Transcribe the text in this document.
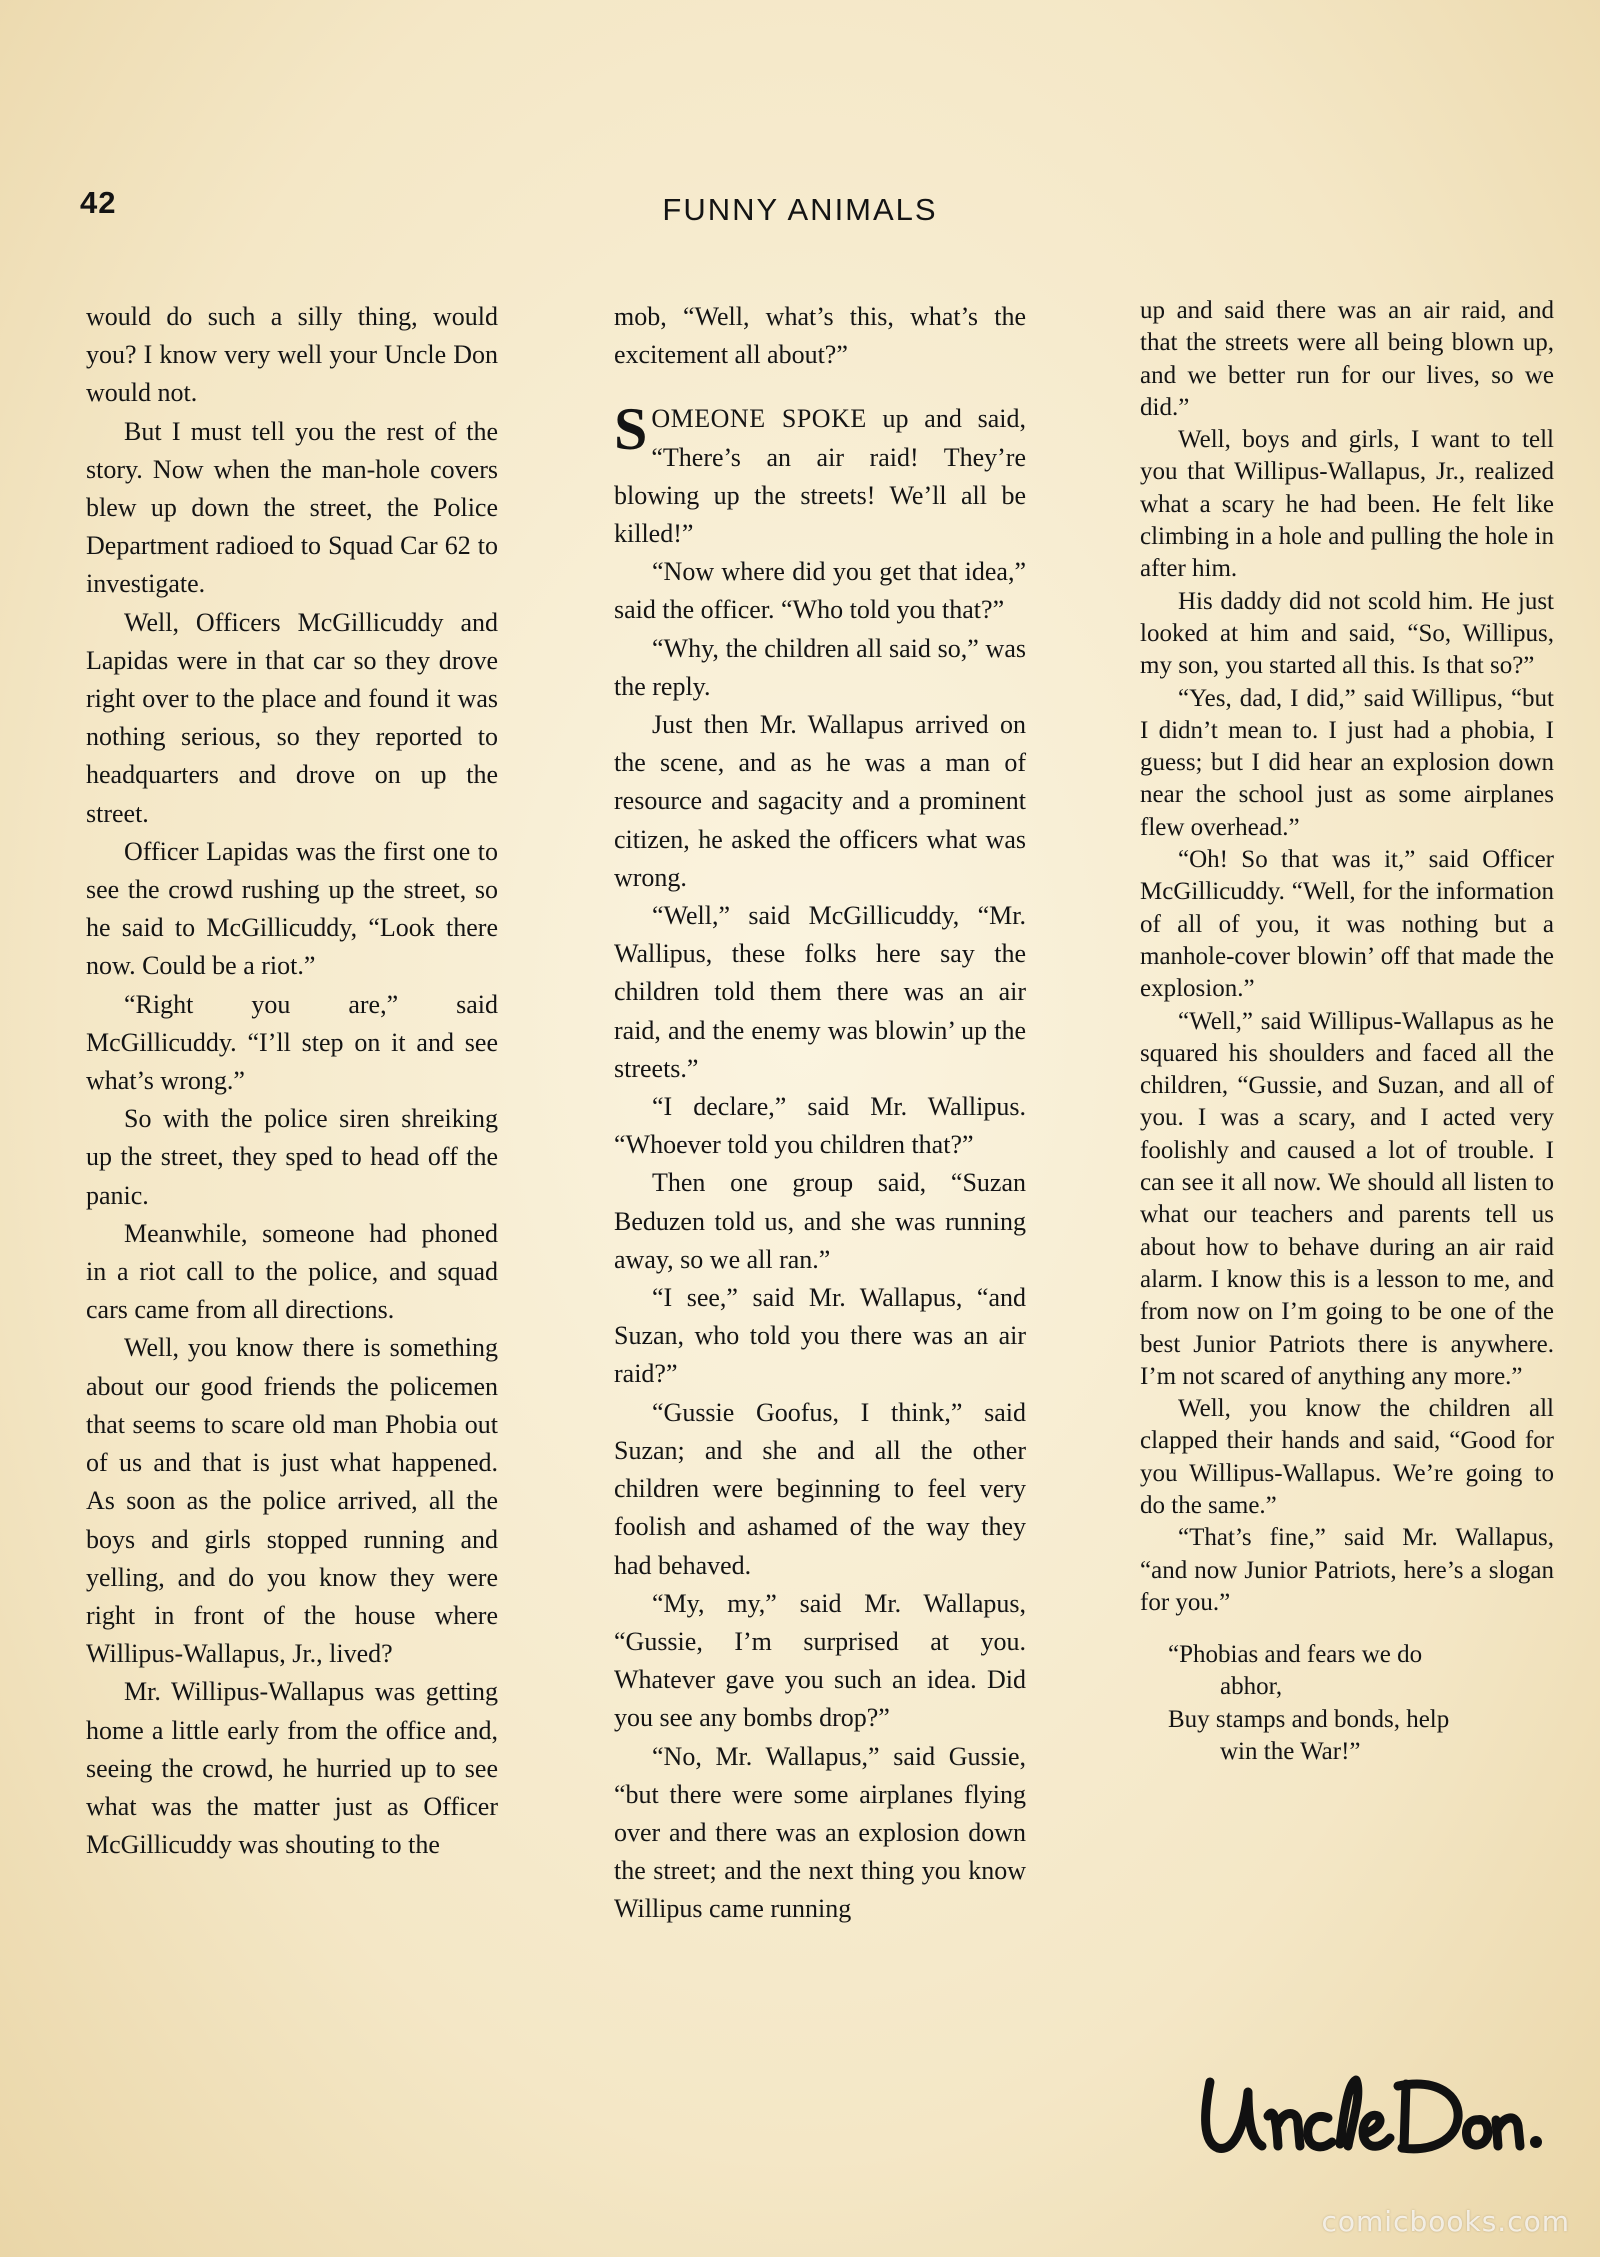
42	FUNNY ANIMALS

would do such a silly thing, would you? I know very well your Uncle Don would not.

But I must tell you the rest of the story. Now when the man-hole covers blew up down the street, the Police Department radioed to Squad Car 62 to investigate.

Well, Officers McGillicuddy and Lapidas were in that car so they drove right over to the place and found it was nothing serious, so they reported to headquarters and drove on up the street.

Officer Lapidas was the first one to see the crowd rushing up the street, so he said to McGillicuddy, “Look there now. Could be a riot.”

“Right you are,” said McGillicuddy. “I’ll step on it and see what’s wrong.”

So with the police siren shreiking up the street, they sped to head off the panic.

Meanwhile, someone had phoned in a riot call to the police, and squad cars came from all directions.

Well, you know there is something about our good friends the policemen that seems to scare old man Phobia out of us and that is just what happened. As soon as the police arrived, all the boys and girls stopped running and yelling, and do you know they were right in front of the house where Willipus-Wallapus, Jr., lived?

Mr. Willipus-Wallapus was getting home a little early from the office and, seeing the crowd, he hurried up to see what was the matter just as Officer McGillicuddy was shouting to the

mob, “Well, what’s this, what’s the excitement all about?”

SOMEONE SPOKE up and said, “There’s an air raid! They’re blowing up the streets! We’ll all be killed!”

“Now where did you get that idea,” said the officer. “Who told you that?”

“Why, the children all said so,” was the reply.

Just then Mr. Wallapus arrived on the scene, and as he was a man of resource and sagacity and a prominent citizen, he asked the officers what was wrong.

“Well,” said McGillicuddy, “Mr. Wallipus, these folks here say the children told them there was an air raid, and the enemy was blowin’ up the streets.”

“I declare,” said Mr. Wallipus. “Whoever told you children that?”

Then one group said, “Suzan Beduzen told us, and she was running away, so we all ran.”

“I see,” said Mr. Wallapus, “and Suzan, who told you there was an air raid?”

“Gussie Goofus, I think,” said Suzan; and she and all the other children were beginning to feel very foolish and ashamed of the way they had behaved.

“My, my,” said Mr. Wallapus, “Gussie, I’m surprised at you. Whatever gave you such an idea. Did you see any bombs drop?”

“No, Mr. Wallapus,” said Gussie, “but there were some airplanes flying over and there was an explosion down the street; and the next thing you know Willipus came running

up and said there was an air raid, and that the streets were all being blown up, and we better run for our lives, so we did.”

Well, boys and girls, I want to tell you that Willipus-Wallapus, Jr., realized what a scary he had been. He felt like climbing in a hole and pulling the hole in after him.

His daddy did not scold him. He just looked at him and said, “So, Willipus, my son, you started all this. Is that so?”

“Yes, dad, I did,” said Willipus, “but I didn’t mean to. I just had a phobia, I guess; but I did hear an explosion down near the school just as some airplanes flew overhead.”

“Oh! So that was it,” said Officer McGillicuddy. “Well, for the information of all of you, it was nothing but a manhole-cover blowin’ off that made the explosion.”

“Well,” said Willipus-Wallapus as he squared his shoulders and faced all the children, “Gussie, and Suzan, and all of you. I was a scary, and I acted very foolishly and caused a lot of trouble. I can see it all now. We should all listen to what our teachers and parents tell us about how to behave during an air raid alarm. I know this is a lesson to me, and from now on I’m going to be one of the best Junior Patriots there is anywhere. I’m not scared of anything any more.”

Well, you know the children all clapped their hands and said, “Good for you Willipus-Wallapus. We’re going to do the same.”

“That’s fine,” said Mr. Wallapus, “and now Junior Patriots, here’s a slogan for you.”

“Phobias and fears we do

abhor,

Buy stamps and bonds, help

win the War!”

comicbooks.com
